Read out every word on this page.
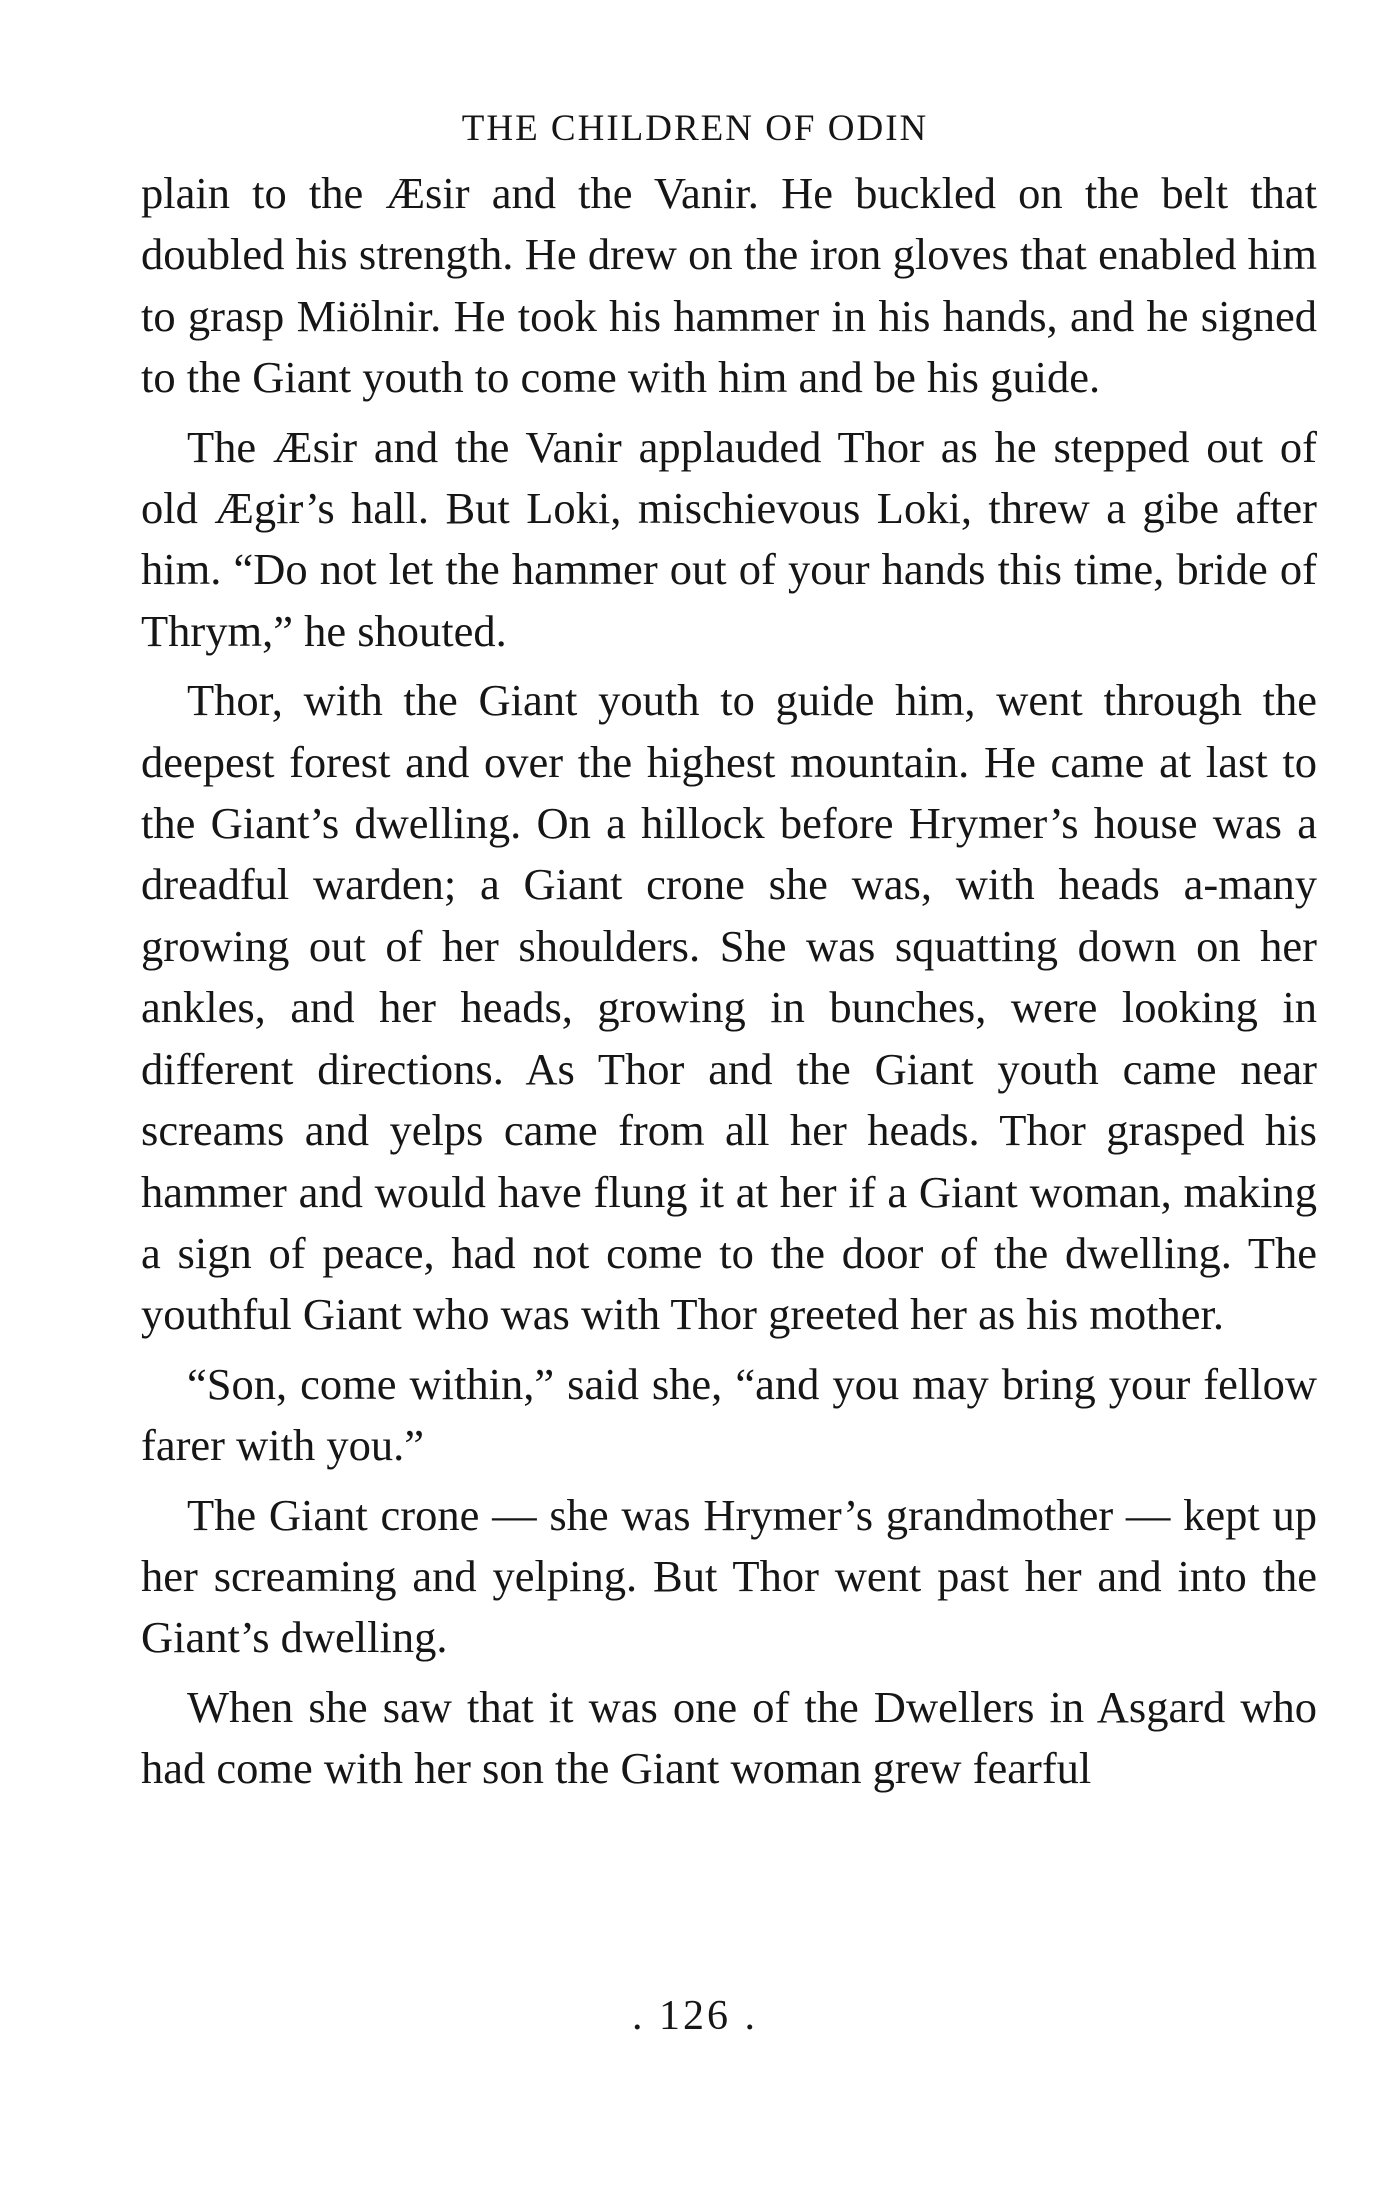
THE CHILDREN OF ODIN

plain to the Æsir and the Vanir. He buckled on the belt that doubled his strength. He drew on the iron gloves that enabled him to grasp Miölnir. He took his hammer in his hands, and he signed to the Giant youth to come with him and be his guide.

The Æsir and the Vanir applauded Thor as he stepped out of old Ægir’s hall. But Loki, mischievous Loki, threw a gibe after him. “Do not let the hammer out of your hands this time, bride of Thrym,” he shouted.

Thor, with the Giant youth to guide him, went through the deepest forest and over the highest mountain. He came at last to the Giant’s dwelling. On a hillock before Hrymer’s house was a dreadful warden; a Giant crone she was, with heads a-many growing out of her shoulders. She was squatting down on her ankles, and her heads, growing in bunches, were looking in different directions. As Thor and the Giant youth came near screams and yelps came from all her heads. Thor grasped his hammer and would have flung it at her if a Giant woman, making a sign of peace, had not come to the door of the dwelling. The youthful Giant who was with Thor greeted her as his mother.

“Son, come within,” said she, “and you may bring your fellow farer with you.”

The Giant crone — she was Hrymer’s grandmother — kept up her screaming and yelping. But Thor went past her and into the Giant’s dwelling.

When she saw that it was one of the Dwellers in Asgard who had come with her son the Giant woman grew fearful

. 126 .
